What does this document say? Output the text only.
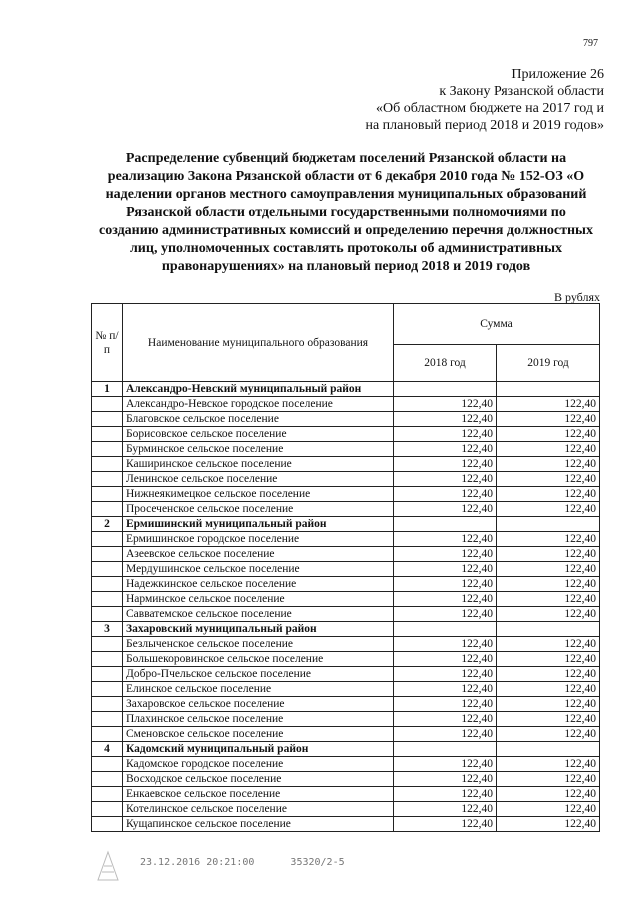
797
Приложение 26
к Закону Рязанской области
«Об областном бюджете на 2017 год и
на плановый период 2018 и 2019 годов»
Распределение субвенций бюджетам поселений Рязанской области на реализацию Закона Рязанской области от 6 декабря 2010 года № 152-ОЗ «О наделении органов местного самоуправления муниципальных образований Рязанской области отдельными государственными полномочиями по созданию административных комиссий и определению перечня должностных лиц, уполномоченных составлять протоколы об административных правонарушениях» на плановый период 2018 и 2019 годов
В рублях
№ п/п	Наименование муниципального образования	Сумма	
		2018 год	2019 год
1	Александро-Невский муниципальный район		
	Александро-Невское городское поселение	122,40	122,40
	Благовское сельское поселение	122,40	122,40
	Борисовское сельское поселение	122,40	122,40
	Бурминское сельское поселение	122,40	122,40
	Каширинское сельское поселение	122,40	122,40
	Ленинское сельское поселение	122,40	122,40
	Нижнеякимецкое сельское поселение	122,40	122,40
	Просеченское сельское поселение	122,40	122,40
2	Ермишинский муниципальный район		
	Ермишинское городское поселение	122,40	122,40
	Азеевское сельское поселение	122,40	122,40
	Мердушинское сельское поселение	122,40	122,40
	Надежкинское сельское поселение	122,40	122,40
	Нарминское сельское поселение	122,40	122,40
	Савватемское сельское поселение	122,40	122,40
3	Захаровский муниципальный район		
	Безлыченское сельское поселение	122,40	122,40
	Большекоровинское сельское поселение	122,40	122,40
	Добро-Пчельское сельское поселение	122,40	122,40
	Елинское сельское поселение	122,40	122,40
	Захаровское сельское поселение	122,40	122,40
	Плахинское сельское поселение	122,40	122,40
	Сменовское сельское поселение	122,40	122,40
4	Кадомский муниципальный район		
	Кадомское городское поселение	122,40	122,40
	Восходское сельское поселение	122,40	122,40
	Енкаевское сельское поселение	122,40	122,40
	Котелинское сельское поселение	122,40	122,40
	Кущапинское сельское поселение	122,40	122,40
23.12.2016 20:21:00	35320/2-5
